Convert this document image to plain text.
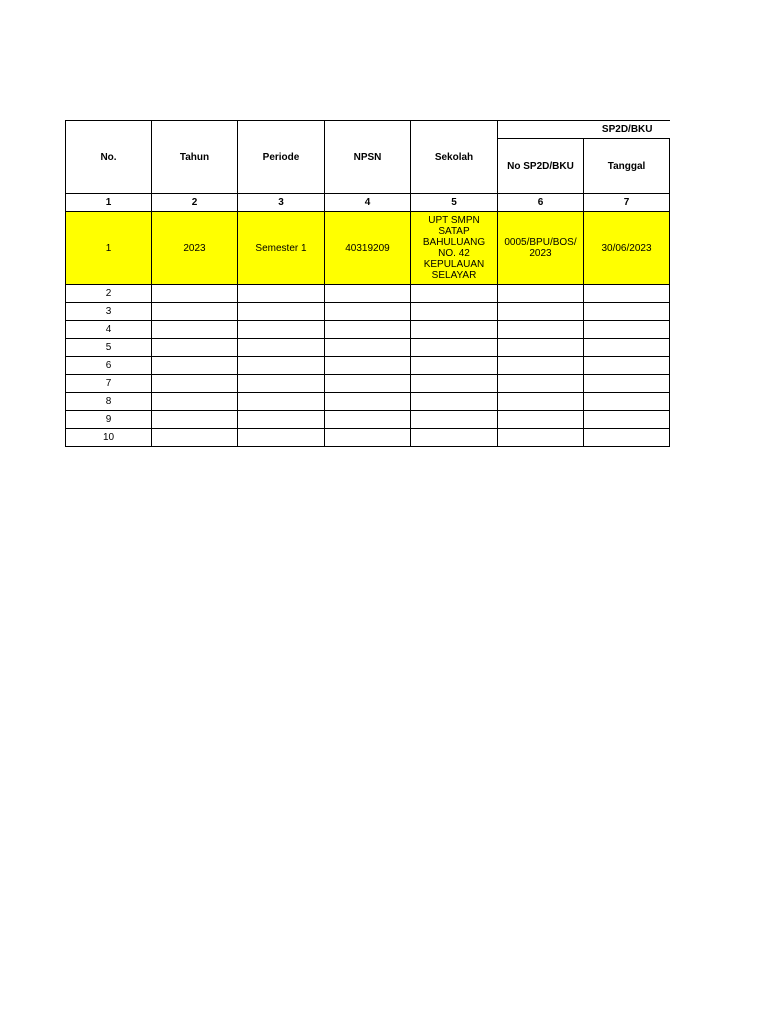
No.	Tahun	Periode	NPSN	Sekolah	SP2D/BKU	
					No SP2D/BKU	Tanggal
1	2	3	4	5	6	7
1	2023	Semester 1	40319209	UPT SMPN SATAP BAHULUANG NO. 42 KEPULAUAN SELAYAR	0005/BPU/BOS/ 2023	30/06/2023
2						
3						
4						
5						
6						
7						
8						
9						
10						
